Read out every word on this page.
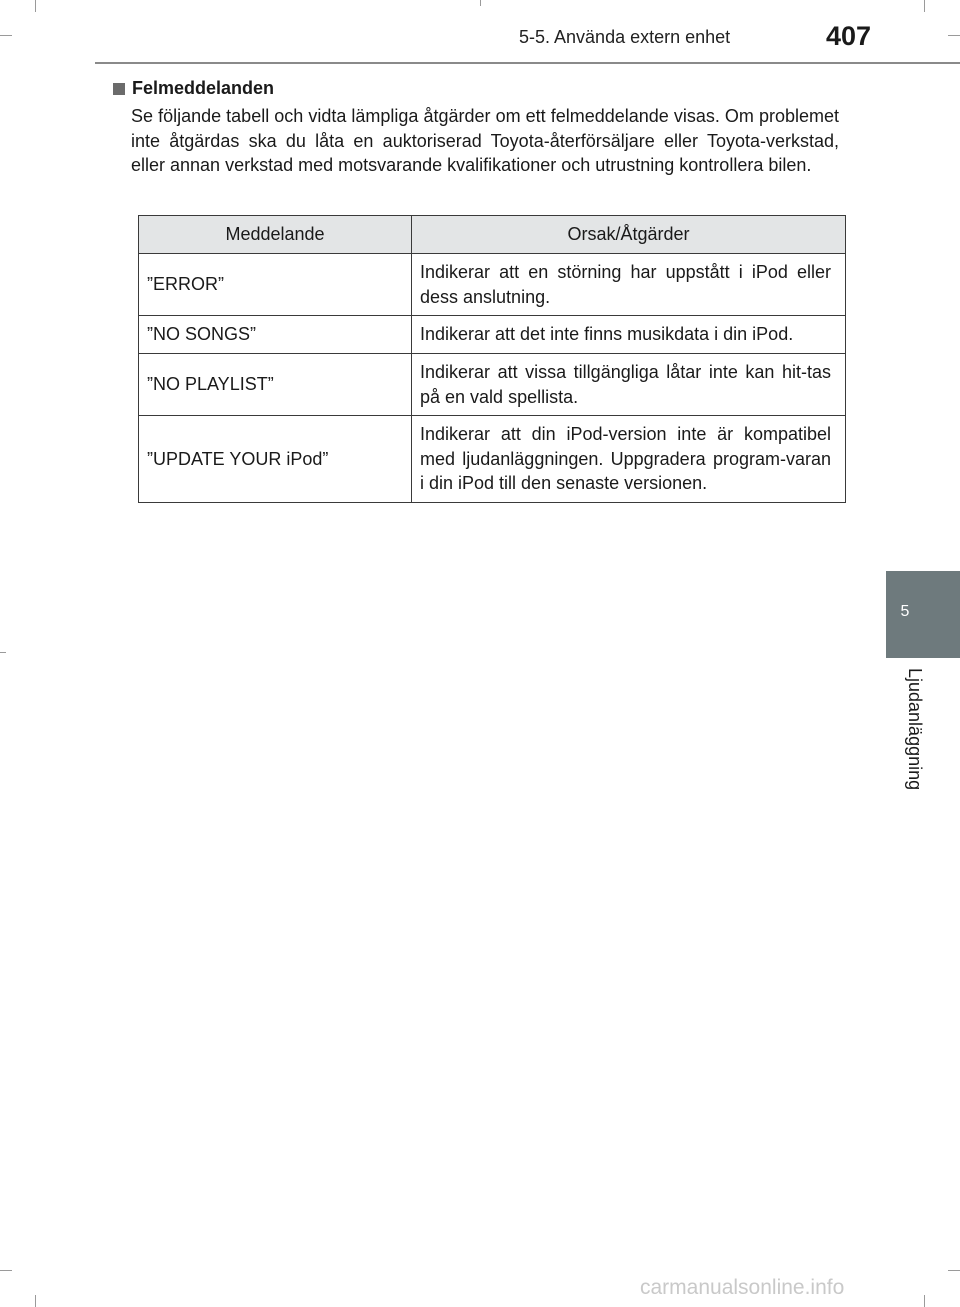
5-5. Använda extern enhet	407
Felmeddelanden
Se följande tabell och vidta lämpliga åtgärder om ett felmeddelande visas. Om problemet inte åtgärdas ska du låta en auktoriserad Toyota-återförsäljare eller Toyota-verkstad, eller annan verkstad med motsvarande kvalifikationer och utrustning kontrollera bilen.
Meddelande	Orsak/Åtgärder
”ERROR”	Indikerar att en störning har uppstått i iPod eller dess anslutning.
”NO SONGS”	Indikerar att det inte finns musikdata i din iPod.
”NO PLAYLIST”	Indikerar att vissa tillgängliga låtar inte kan hit-tas på en vald spellista.
”UPDATE YOUR iPod”	Indikerar att din iPod-version inte är kompatibel med ljudanläggningen. Uppgradera program-varan i din iPod till den senaste versionen.
5
Ljudanläggning
carmanualsonline.info
